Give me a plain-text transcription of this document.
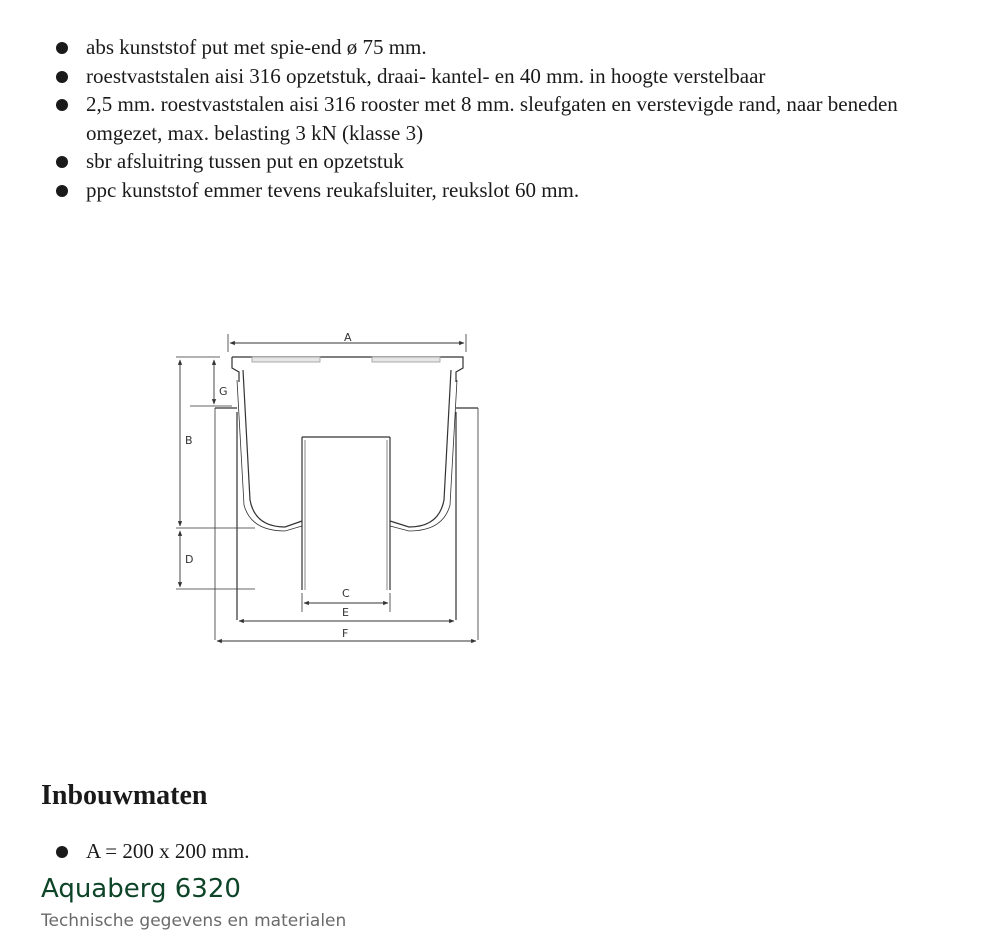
abs kunststof put met spie-end ø 75 mm.
roestvaststalen aisi 316 opzetstuk, draai- kantel- en 40 mm. in hoogte verstelbaar
2,5 mm. roestvaststalen aisi 316 rooster met 8 mm. sleufgaten en verstevigde rand, naar beneden omgezet, max. belasting 3 kN (klasse 3)
sbr afsluitring tussen put en opzetstuk
ppc kunststof emmer tevens reukafsluiter, reukslot 60 mm.
A
G
B
D
C
E
F
Inbouwmaten
A = 200 x 200 mm.
Aquaberg 6320

Technische gegevens en materialen
